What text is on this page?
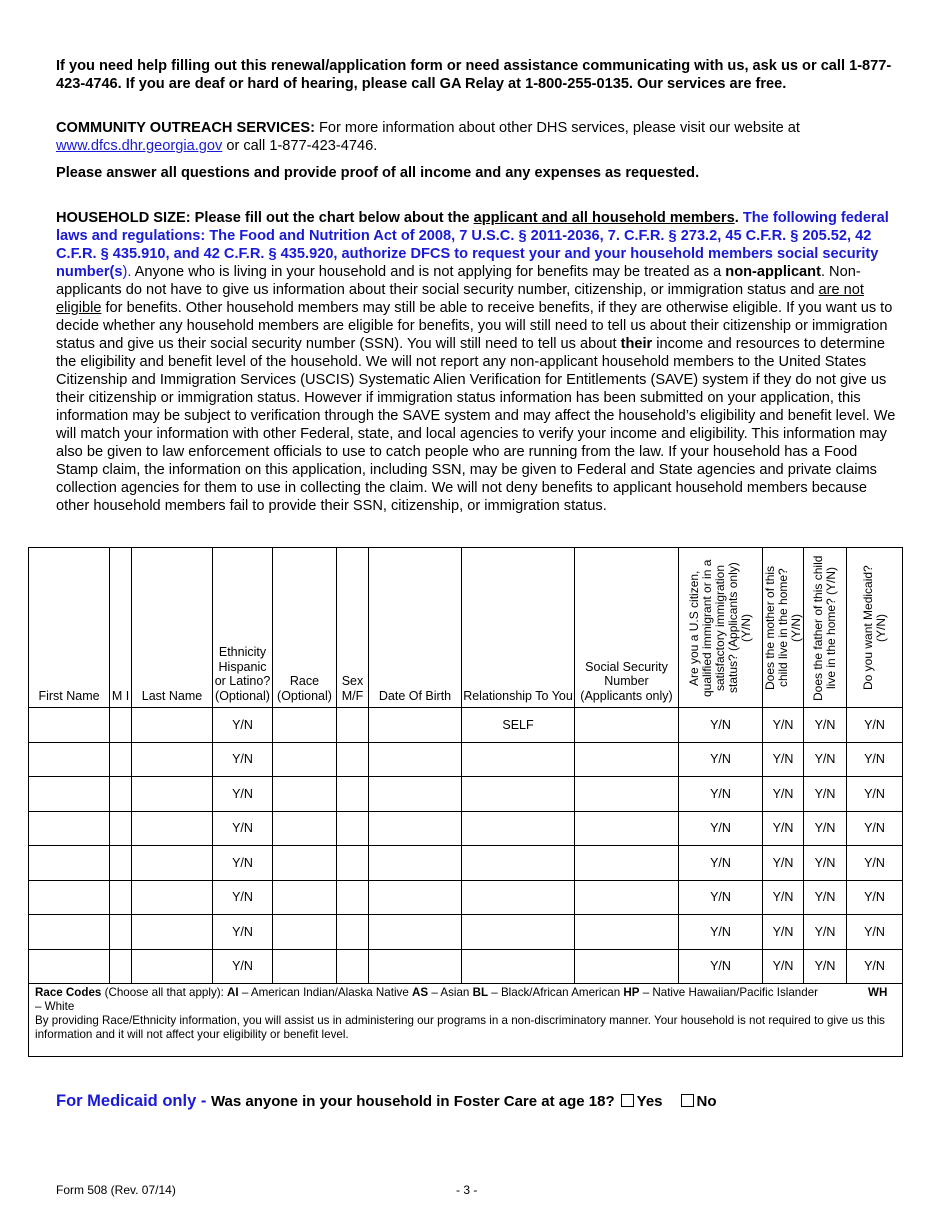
If you need help filling out this renewal/application form or need assistance communicating with us, ask us or call 1-877-423-4746. If you are deaf or hard of hearing, please call GA Relay at 1-800-255-0135. Our services are free.

COMMUNITY OUTREACH SERVICES: For more information about other DHS services, please visit our website at www.dfcs.dhr.georgia.gov or call 1-877-423-4746.

Please answer all questions and provide proof of all income and any expenses as requested.

HOUSEHOLD SIZE: Please fill out the chart below about the applicant and all household members. The following federal laws and regulations: The Food and Nutrition Act of 2008, 7 U.S.C. § 2011-2036, 7. C.F.R. § 273.2, 45 C.F.R. § 205.52, 42 C.F.R. § 435.910, and 42 C.F.R. § 435.920, authorize DFCS to request your and your household members social security number(s). Anyone who is living in your household and is not applying for benefits may be treated as a non-applicant. Non-applicants do not have to give us information about their social security number, citizenship, or immigration status and are not eligible for benefits. Other household members may still be able to receive benefits, if they are otherwise eligible. If you want us to decide whether any household members are eligible for benefits, you will still need to tell us about their citizenship or immigration status and give us their social security number (SSN). You will still need to tell us about their income and resources to determine the eligibility and benefit level of the household. We will not report any non-applicant household members to the United States Citizenship and Immigration Services (USCIS) Systematic Alien Verification for Entitlements (SAVE) system if they do not give us their citizenship or immigration status. However if immigration status information has been submitted on your application, this information may be subject to verification through the SAVE system and may affect the household’s eligibility and benefit level. We will match your information with other Federal, state, and local agencies to verify your income and eligibility. This information may also be given to law enforcement officials to use to catch people who are running from the law. If your household has a Food Stamp claim, the information on this application, including SSN, may be given to Federal and State agencies and private claims collection agencies for them to use in collecting the claim. We will not deny benefits to applicant household members because other household members fail to provide their SSN, citizenship, or immigration status.

First Name	M I	Last Name	Ethnicity Hispanic or Latino? (Optional)	Race (Optional)	Sex M/F	Date Of Birth	Relationship To You	Social Security Number (Applicants only)	Are you a U.S citizen, qualified immigrant or in a satisfactory immigration status? (Applicants only) (Y/N)	Does the mother of this child live in the home? (Y/N)	Does the father of this child live in the home? (Y/N)	Do you want Medicaid? (Y/N)

			Y/N				SELF		Y/N	Y/N	Y/N	Y/N
			Y/N						Y/N	Y/N	Y/N	Y/N
			Y/N						Y/N	Y/N	Y/N	Y/N
			Y/N						Y/N	Y/N	Y/N	Y/N
			Y/N						Y/N	Y/N	Y/N	Y/N
			Y/N						Y/N	Y/N	Y/N	Y/N
			Y/N						Y/N	Y/N	Y/N	Y/N
			Y/N						Y/N	Y/N	Y/N	Y/N
Race Codes (Choose all that apply): AI – American Indian/Alaska Native AS – Asian BL – Black/African American HP – Native Hawaiian/Pacific Islander WH – White
By providing Race/Ethnicity information, you will assist us in administering our programs in a non-discriminatory manner. Your household is not required to give us this information and it will not affect your eligibility or benefit level.												
For Medicaid only - Was anyone in your household in Foster Care at age 18? Yes No
Form 508 (Rev. 07/14)	- 3 -
